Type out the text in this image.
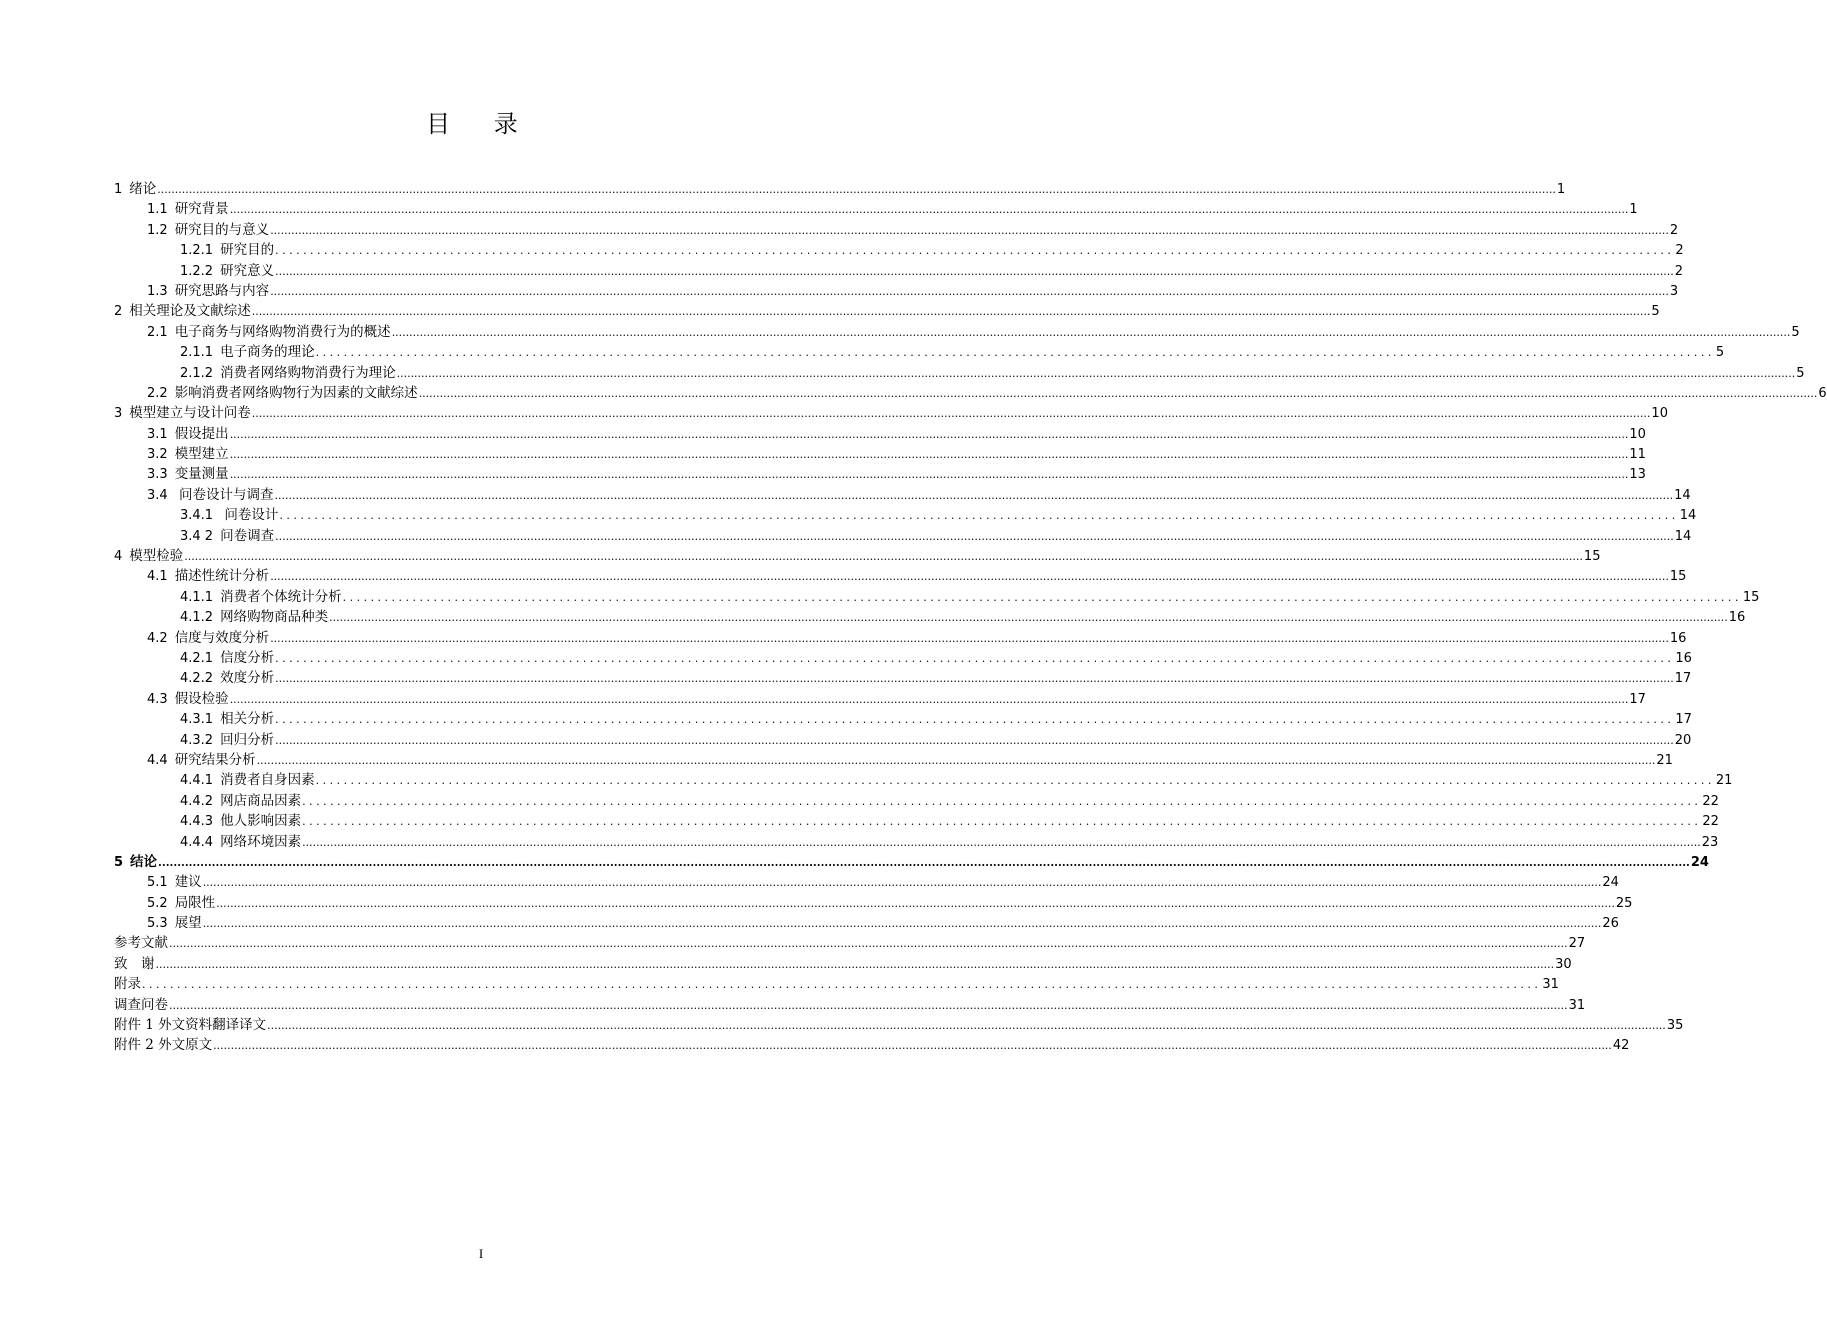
目 录
1 绪论 ................................................................................................................................................................................................................................................................................................................................................................................................................ 1
1.1 研究背景 ................................................................................................................................................................................................................................................................................................................................................................................................................ 1
1.2 研究目的与意义 ................................................................................................................................................................................................................................................................................................................................................................................................................ 2
1.2.1 研究目的 ........................................................................................................................................................................................................ 2
1.2.2 研究意义 ................................................................................................................................................................................................................................................................................................................................................................................................................ 2
1.3 研究思路与内容 ................................................................................................................................................................................................................................................................................................................................................................................................................ 3
2 相关理论及文献综述 ................................................................................................................................................................................................................................................................................................................................................................................................................ 5
2.1 电子商务与网络购物消费行为的概述 ................................................................................................................................................................................................................................................................................................................................................................................................................ 5
2.1.1 电子商务的理论 ........................................................................................................................................................................................................ 5
2.1.2 消费者网络购物消费行为理论 ................................................................................................................................................................................................................................................................................................................................................................................................................ 5
2.2 影响消费者网络购物行为因素的文献综述 ................................................................................................................................................................................................................................................................................................................................................................................................................ 6
3 模型建立与设计问卷 ................................................................................................................................................................................................................................................................................................................................................................................................................ 10
3.1 假设提出 ................................................................................................................................................................................................................................................................................................................................................................................................................ 10
3.2 模型建立 ................................................................................................................................................................................................................................................................................................................................................................................................................ 11
3.3 变量测量 ................................................................................................................................................................................................................................................................................................................................................................................................................ 13
3.4 问卷设计与调查 ................................................................................................................................................................................................................................................................................................................................................................................................................ 14
3.4.1 问卷设计 ........................................................................................................................................................................................................ 14
3.4 2 问卷调查 ................................................................................................................................................................................................................................................................................................................................................................................................................ 14
4 模型检验 ................................................................................................................................................................................................................................................................................................................................................................................................................ 15
4.1 描述性统计分析 ................................................................................................................................................................................................................................................................................................................................................................................................................ 15
4.1.1 消费者个体统计分析 ........................................................................................................................................................................................................ 15
4.1.2 网络购物商品种类 ................................................................................................................................................................................................................................................................................................................................................................................................................ 16
4.2 信度与效度分析 ................................................................................................................................................................................................................................................................................................................................................................................................................ 16
4.2.1 信度分析 ........................................................................................................................................................................................................ 16
4.2.2 效度分析 ................................................................................................................................................................................................................................................................................................................................................................................................................ 17
4.3 假设检验 ................................................................................................................................................................................................................................................................................................................................................................................................................ 17
4.3.1 相关分析 ........................................................................................................................................................................................................ 17
4.3.2 回归分析 ................................................................................................................................................................................................................................................................................................................................................................................................................ 20
4.4 研究结果分析 ................................................................................................................................................................................................................................................................................................................................................................................................................ 21
4.4.1 消费者自身因素 ........................................................................................................................................................................................................ 21
4.4.2 网店商品因素 ........................................................................................................................................................................................................ 22
4.4.3 他人影响因素 ........................................................................................................................................................................................................ 22
4.4.4 网络环境因素 ................................................................................................................................................................................................................................................................................................................................................................................................................ 23
5 结论 ................................................................................................................................................................................................................................................................................................................................................................................................................ 24
5.1 建议 ................................................................................................................................................................................................................................................................................................................................................................................................................ 24
5.2 局限性 ................................................................................................................................................................................................................................................................................................................................................................................................................ 25
5.3 展望 ................................................................................................................................................................................................................................................................................................................................................................................................................ 26
参考文献 ................................................................................................................................................................................................................................................................................................................................................................................................................ 27
致　谢 ................................................................................................................................................................................................................................................................................................................................................................................................................ 30
附录 ........................................................................................................................................................................................................ 31
调查问卷 ................................................................................................................................................................................................................................................................................................................................................................................................................ 31
附件 1 外文资料翻译译文 ................................................................................................................................................................................................................................................................................................................................................................................................................ 35
附件 2 外文原文 ................................................................................................................................................................................................................................................................................................................................................................................................................ 42
I
